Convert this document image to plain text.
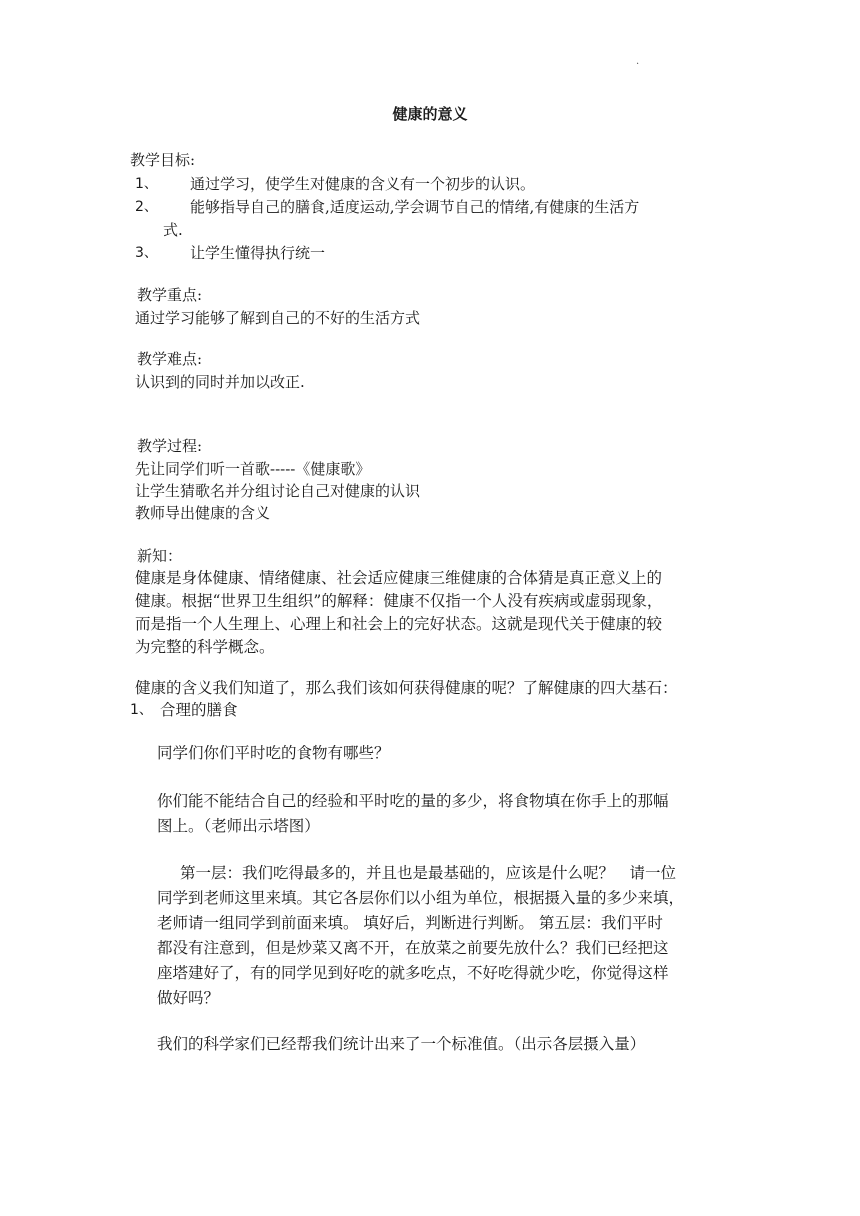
.
健康的意义
教学目标:
1、 通过学习，使学生对健康的含义有一个初步的认识。
2、 能够指导自己的膳食,适度运动,学会调节自己的情绪,有健康的生活方
式.
3、 让学生懂得执行统一
教学重点:
通过学习能够了解到自己的不好的生活方式
教学难点:
认识到的同时并加以改正.
教学过程:
先让同学们听一首歌-----《健康歌》
让学生猜歌名并分组讨论自己对健康的认识
教师导出健康的含义
新知：
健康是身体健康、情绪健康、社会适应健康三维健康的合体猜是真正意义上的
健康。根据“世界卫生组织”的解释：健康不仅指一个人没有疾病或虚弱现象，
而是指一个人生理上、心理上和社会上的完好状态。这就是现代关于健康的较
为完整的科学概念。
健康的含义我们知道了，那么我们该如何获得健康的呢？了解健康的四大基石：
1、 合理的膳食
同学们你们平时吃的食物有哪些？
你们能不能结合自己的经验和平时吃的量的多少，将食物填在你手上的那幅
图上。（老师出示塔图）
第一层：我们吃得最多的，并且也是最基础的，应该是什么呢？　请一位
同学到老师这里来填。其它各层你们以小组为单位，根据摄入量的多少来填，
老师请一组同学到前面来填。 填好后，判断进行判断。 第五层：我们平时
都没有注意到，但是炒菜又离不开，在放菜之前要先放什么？我们已经把这
座塔建好了，有的同学见到好吃的就多吃点，不好吃得就少吃，你觉得这样
做好吗？
我们的科学家们已经帮我们统计出来了一个标准值。（出示各层摄入量）
